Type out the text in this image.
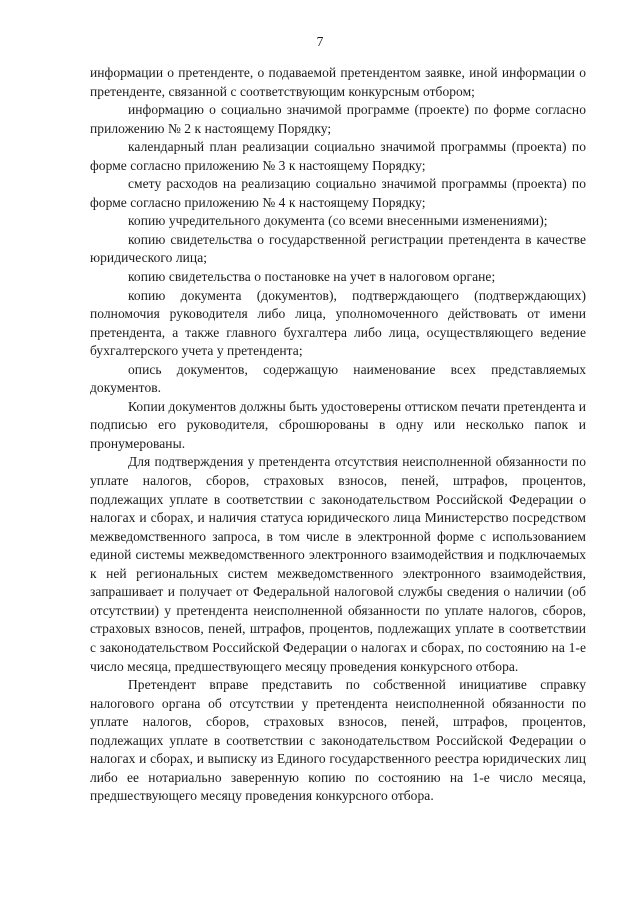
7

информации о претенденте, о подаваемой претендентом заявке, иной информации о претенденте, связанной с соответствующим конкурсным отбором;

информацию о социально значимой программе (проекте) по форме согласно приложению № 2 к настоящему Порядку;

календарный план реализации социально значимой программы (проекта) по форме согласно приложению № 3 к настоящему Порядку;

смету расходов на реализацию социально значимой программы (проекта) по форме согласно приложению № 4 к настоящему Порядку;

копию учредительного документа (со всеми внесенными изменениями);

копию свидетельства о государственной регистрации претендента в качестве юридического лица;

копию свидетельства о постановке на учет в налоговом органе;

копию документа (документов), подтверждающего (подтверждающих) полномочия руководителя либо лица, уполномоченного действовать от имени претендента, а также главного бухгалтера либо лица, осуществляющего ведение бухгалтерского учета у претендента;

опись документов, содержащую наименование всех представляемых документов.

Копии документов должны быть удостоверены оттиском печати претендента и подписью его руководителя, сброшюрованы в одну или несколько папок и пронумерованы.

Для подтверждения у претендента отсутствия неисполненной обязанности по уплате налогов, сборов, страховых взносов, пеней, штрафов, процентов, подлежащих уплате в соответствии с законодательством Российской Федерации о налогах и сборах, и наличия статуса юридического лица Министерство посредством межведомственного запроса, в том числе в электронной форме с использованием единой системы межведомственного электронного взаимодействия и подключаемых к ней региональных систем межведомственного электронного взаимодействия, запрашивает и получает от Федеральной налоговой службы сведения о наличии (об отсутствии) у претендента неисполненной обязанности по уплате налогов, сборов, страховых взносов, пеней, штрафов, процентов, подлежащих уплате в соответствии с законодательством Российской Федерации о налогах и сборах, по состоянию на 1-е число месяца, предшествующего месяцу проведения конкурсного отбора.

Претендент вправе представить по собственной инициативе справку налогового органа об отсутствии у претендента неисполненной обязанности по уплате налогов, сборов, страховых взносов, пеней, штрафов, процентов, подлежащих уплате в соответствии с законодательством Российской Федерации о налогах и сборах, и выписку из Единого государственного реестра юридических лиц либо ее нотариально заверенную копию по состоянию на 1-е число месяца, предшествующего месяцу проведения конкурсного отбора.
